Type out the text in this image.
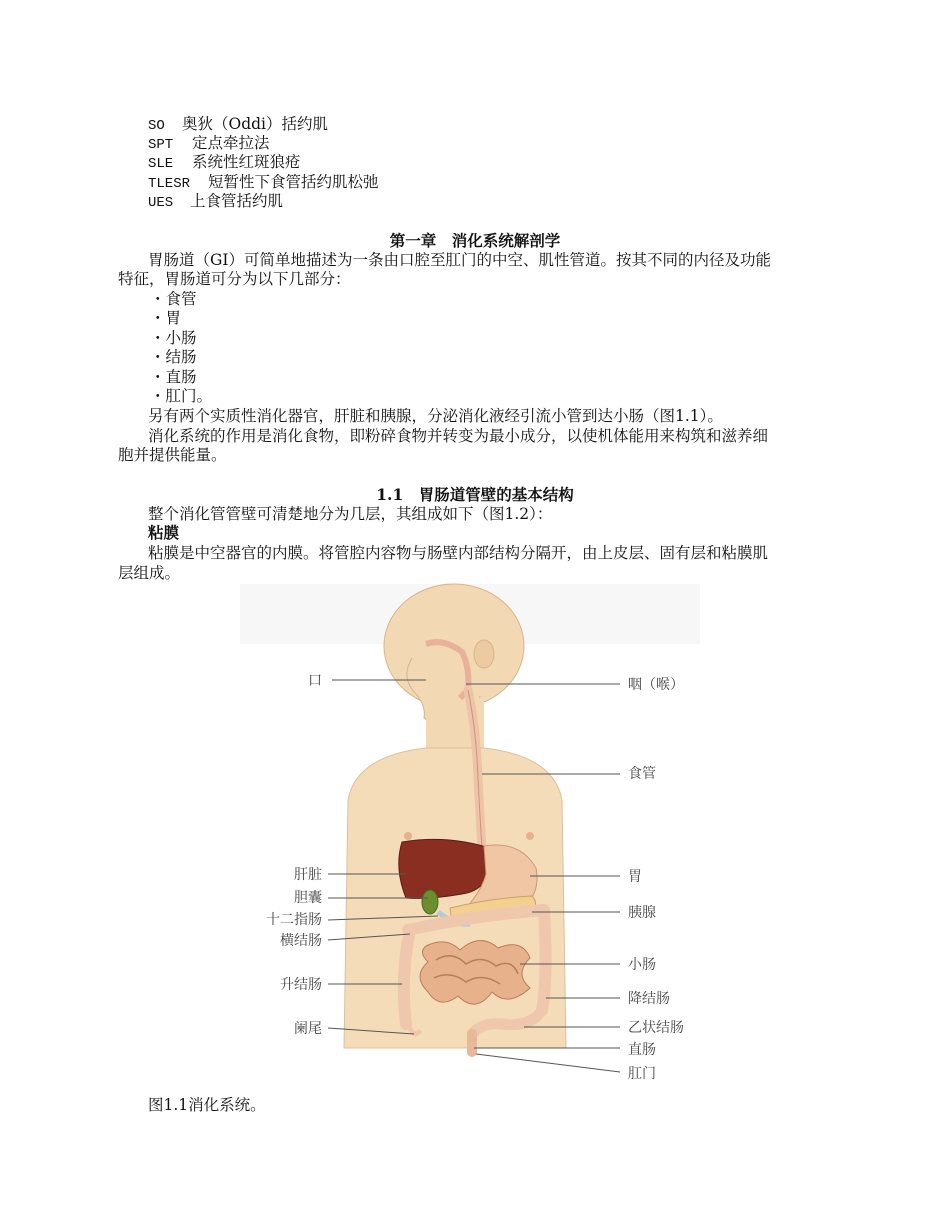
SO 奥狄（Oddi）括约肌
SPT 定点牵拉法
SLE 系统性红斑狼疮
TLESR 短暂性下食管括约肌松弛
UES 上食管括约肌
第一章　消化系统解剖学
胃肠道（GI）可简单地描述为一条由口腔至肛门的中空、肌性管道。按其不同的内径及功能
特征，胃肠道可分为以下几部分：
・食管
・胃
・小肠
・结肠
・直肠
・肛门。
另有两个实质性消化器官，肝脏和胰腺，分泌消化液经引流小管到达小肠（图1.1）。
消化系统的作用是消化食物，即粉碎食物并转变为最小成分，以使机体能用来构筑和滋养细
胞并提供能量。
1.1　胃肠道管壁的基本结构
整个消化管管壁可清楚地分为几层，其组成如下（图1.2）：
粘膜
粘膜是中空器官的内膜。将管腔内容物与肠壁内部结构分隔开，由上皮层、固有层和粘膜肌
层组成。
口
肝脏
胆囊
十二指肠
横结肠
升结肠
阑尾
咽（喉）
食管
胃
胰腺
小肠
降结肠
乙状结肠
直肠
肛门
图1.1消化系统。
